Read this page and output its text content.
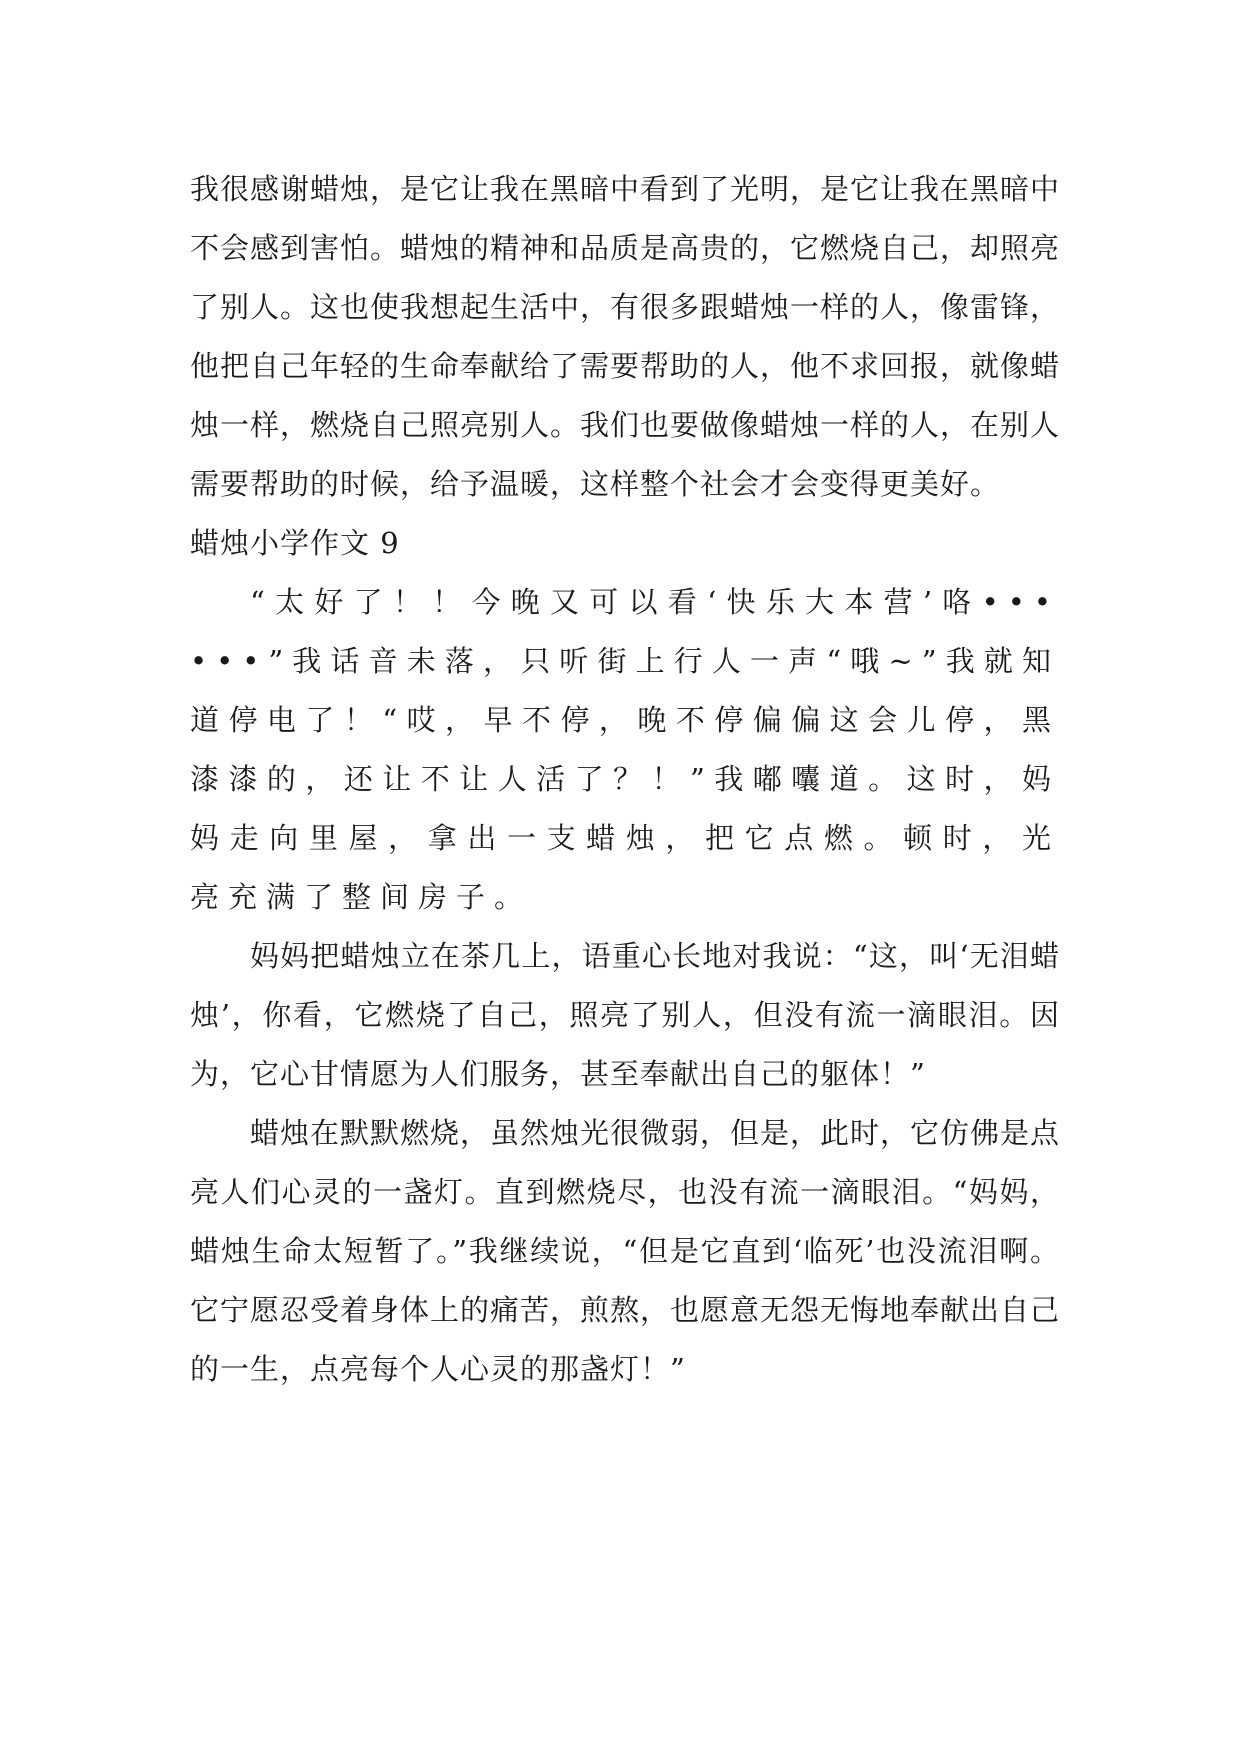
我很感谢蜡烛，是它让我在黑暗中看到了光明，是它让我在黑暗中不会感到害怕。蜡烛的精神和品质是高贵的，它燃烧自己，却照亮了别人。这也使我想起生活中，有很多跟蜡烛一样的人，像雷锋，他把自己年轻的生命奉献给了需要帮助的人，他不求回报，就像蜡烛一样，燃烧自己照亮别人。我们也要做像蜡烛一样的人，在别人需要帮助的时候，给予温暖，这样整个社会才会变得更美好。

蜡烛小学作文 9

“太好了！！今晚又可以看‘快乐大本营’咯••••••”我话音未落，只听街上行人一声“哦~”我就知道停电了！“哎，早不停，晚不停偏偏这会儿停，黑漆漆的，还让不让人活了？！”我嘟囔道。这时，妈妈走向里屋，拿出一支蜡烛，把它点燃。顿时，光亮充满了整间房子。

妈妈把蜡烛立在茶几上，语重心长地对我说：“这，叫‘无泪蜡烛’，你看，它燃烧了自己，照亮了别人，但没有流一滴眼泪。因为，它心甘情愿为人们服务，甚至奉献出自己的躯体！”

蜡烛在默默燃烧，虽然烛光很微弱，但是，此时，它仿佛是点亮人们心灵的一盏灯。直到燃烧尽，也没有流一滴眼泪。“妈妈，蜡烛生命太短暂了。”我继续说，“但是它直到‘临死’也没流泪啊。它宁愿忍受着身体上的痛苦，煎熬，也愿意无怨无悔地奉献出自己的一生，点亮每个人心灵的那盏灯！”
